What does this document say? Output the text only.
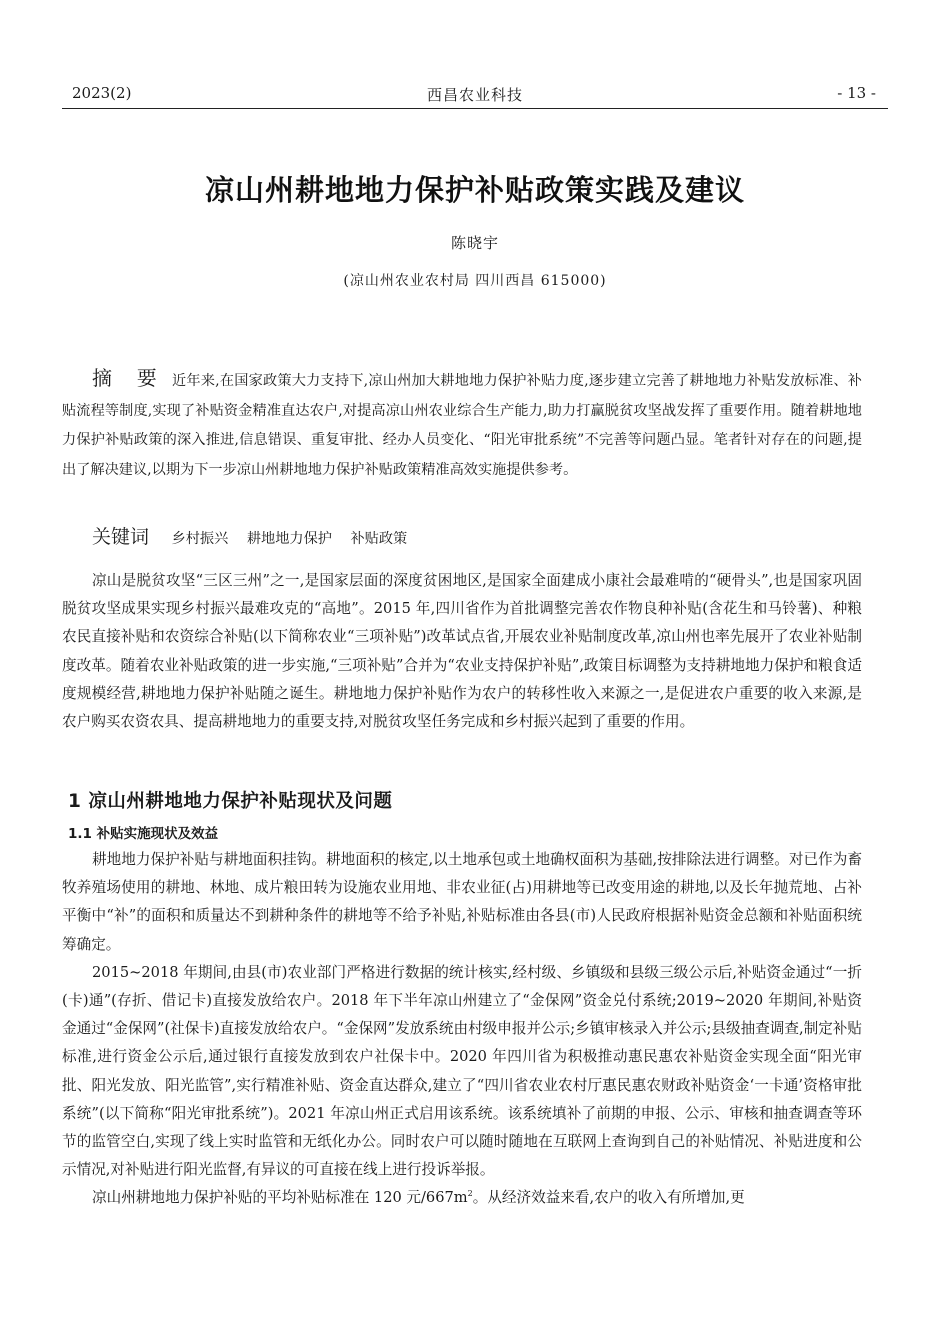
2023(2)	西昌农业科技	- 13 -
凉山州耕地地力保护补贴政策实践及建议
陈晓宇
(凉山州农业农村局 四川西昌 615000)
摘 要 近年来,在国家政策大力支持下,凉山州加大耕地地力保护补贴力度,逐步建立完善了耕地地力补贴发放标准、补贴流程等制度,实现了补贴资金精准直达农户,对提高凉山州农业综合生产能力,助力打赢脱贫攻坚战发挥了重要作用。随着耕地地力保护补贴政策的深入推进,信息错误、重复审批、经办人员变化、“阳光审批系统”不完善等问题凸显。笔者针对存在的问题,提出了解决建议,以期为下一步凉山州耕地地力保护补贴政策精准高效实施提供参考。
关键词 乡村振兴 耕地地力保护 补贴政策

凉山是脱贫攻坚“三区三州”之一,是国家层面的深度贫困地区,是国家全面建成小康社会最难啃的“硬骨头”,也是国家巩固脱贫攻坚成果实现乡村振兴最难攻克的“高地”。2015 年,四川省作为首批调整完善农作物良种补贴(含花生和马铃薯)、种粮农民直接补贴和农资综合补贴(以下简称农业“三项补贴”)改革试点省,开展农业补贴制度改革,凉山州也率先展开了农业补贴制度改革。随着农业补贴政策的进一步实施,“三项补贴”合并为“农业支持保护补贴”,政策目标调整为支持耕地地力保护和粮食适度规模经营,耕地地力保护补贴随之诞生。耕地地力保护补贴作为农户的转移性收入来源之一,是促进农户重要的收入来源,是农户购买农资农具、提高耕地地力的重要支持,对脱贫攻坚任务完成和乡村振兴起到了重要的作用。

1 凉山州耕地地力保护补贴现状及问题
1.1 补贴实施现状及效益

耕地地力保护补贴与耕地面积挂钩。耕地面积的核定,以土地承包或土地确权面积为基础,按排除法进行调整。对已作为畜牧养殖场使用的耕地、林地、成片粮田转为设施农业用地、非农业征(占)用耕地等已改变用途的耕地,以及长年抛荒地、占补平衡中“补”的面积和质量达不到耕种条件的耕地等不给予补贴,补贴标准由各县(市)人民政府根据补贴资金总额和补贴面积统筹确定。

2015~2018 年期间,由县(市)农业部门严格进行数据的统计核实,经村级、乡镇级和县级三级公示后,补贴资金通过“一折(卡)通”(存折、借记卡)直接发放给农户。2018 年下半年凉山州建立了“金保网”资金兑付系统;2019~2020 年期间,补贴资金通过“金保网”(社保卡)直接发放给农户。“金保网”发放系统由村级申报并公示;乡镇审核录入并公示;县级抽查调查,制定补贴标准,进行资金公示后,通过银行直接发放到农户社保卡中。2020 年四川省为积极推动惠民惠农补贴资金实现全面“阳光审批、阳光发放、阳光监管”,实行精准补贴、资金直达群众,建立了“四川省农业农村厅惠民惠农财政补贴资金‘一卡通’资格审批系统”(以下简称“阳光审批系统”)。2021 年凉山州正式启用该系统。该系统填补了前期的申报、公示、审核和抽查调查等环节的监管空白,实现了线上实时监管和无纸化办公。同时农户可以随时随地在互联网上查询到自己的补贴情况、补贴进度和公示情况,对补贴进行阳光监督,有异议的可直接在线上进行投诉举报。

凉山州耕地地力保护补贴的平均补贴标准在 120 元$/667m^2$。从经济效益来看,农户的收入有所增加,更
